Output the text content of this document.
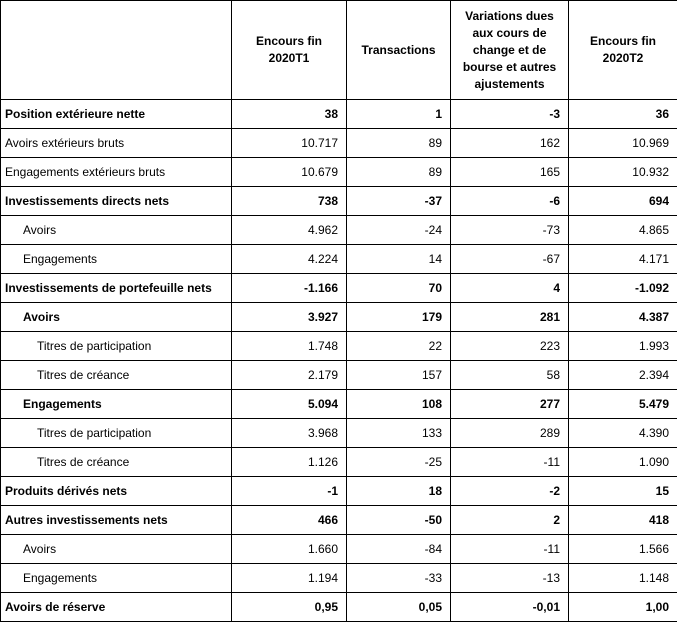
	Encours fin
2020T1	Transactions	Variations dues
aux cours de
change et de
bourse et autres
ajustements	Encours fin
2020T2

Position extérieure nette	38	1	-3	36
Avoirs extérieurs bruts	10.717	89	162	10.969
Engagements extérieurs bruts	10.679	89	165	10.932
Investissements directs nets	738	-37	-6	694
Avoirs	4.962	-24	-73	4.865
Engagements	4.224	14	-67	4.171
Investissements de portefeuille nets	-1.166	70	4	-1.092
Avoirs	3.927	179	281	4.387
Titres de participation	1.748	22	223	1.993
Titres de créance	2.179	157	58	2.394
Engagements	5.094	108	277	5.479
Titres de participation	3.968	133	289	4.390
Titres de créance	1.126	-25	-11	1.090
Produits dérivés nets	-1	18	-2	15
Autres investissements nets	466	-50	2	418
Avoirs	1.660	-84	-11	1.566
Engagements	1.194	-33	-13	1.148
Avoirs de réserve	0,95	0,05	-0,01	1,00
